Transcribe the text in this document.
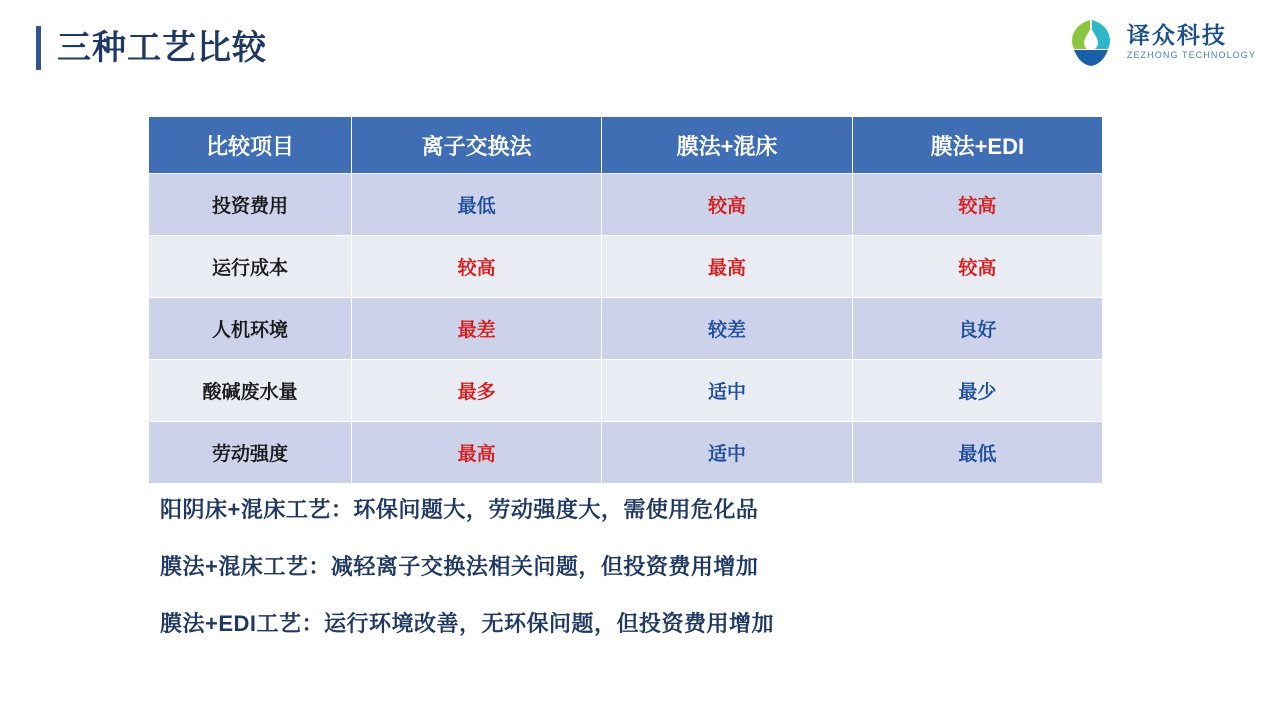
三种工艺比较	译众科技
ZEZHONG TECHNOLOGY
比较项目	离子交换法	膜法+混床	膜法+EDI
投资费用	最低	较高	较高
运行成本	较高	最高	较高
人机环境	最差	较差	良好
酸碱废水量	最多	适中	最少
劳动强度	最高	适中	最低
阳阴床+混床工艺：环保问题大，劳动强度大，需使用危化品
膜法+混床工艺：减轻离子交换法相关问题，但投资费用增加
膜法+EDI工艺：运行环境改善，无环保问题，但投资费用增加
